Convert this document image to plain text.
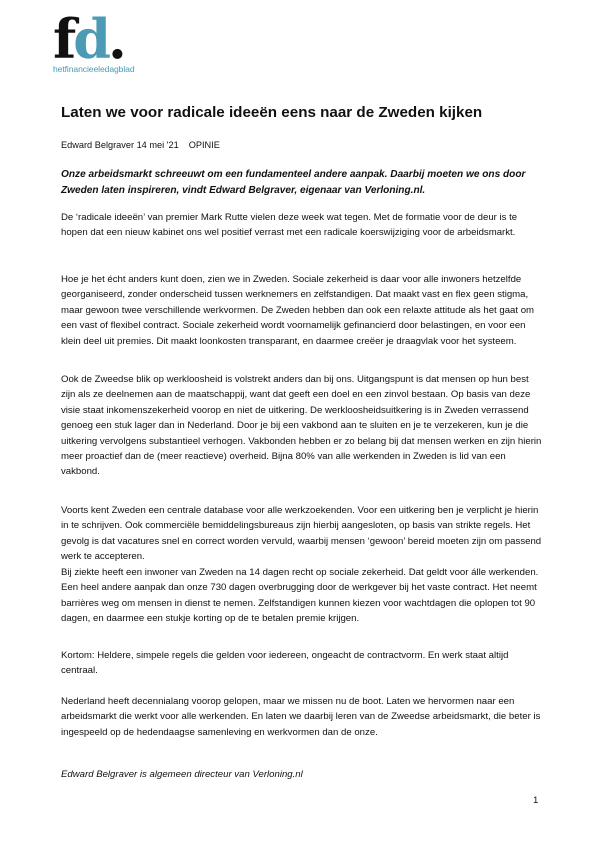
fd.
hetfinancieeledagblad
Laten we voor radicale ideeën eens naar de Zweden kijken
Edward Belgraver 14 mei '21 OPINIE

Onze arbeidsmarkt schreeuwt om een fundamenteel andere aanpak. Daarbij moeten we ons door Zweden laten inspireren, vindt Edward Belgraver, eigenaar van Verloning.nl.

De ‘radicale ideeën’ van premier Mark Rutte vielen deze week wat tegen. Met de formatie voor de deur is te hopen dat een nieuw kabinet ons wel positief verrast met een radicale koerswijziging voor de arbeidsmarkt.

Hoe je het écht anders kunt doen, zien we in Zweden. Sociale zekerheid is daar voor alle inwoners hetzelfde georganiseerd, zonder onderscheid tussen werknemers en zelfstandigen. Dat maakt vast en flex geen stigma, maar gewoon twee verschillende werkvormen. De Zweden hebben dan ook een relaxte attitude als het gaat om een vast of flexibel contract. Sociale zekerheid wordt voornamelijk gefinancierd door belastingen, en voor een klein deel uit premies. Dit maakt loonkosten transparant, en daarmee creëer je draagvlak voor het systeem.

Ook de Zweedse blik op werkloosheid is volstrekt anders dan bij ons. Uitgangspunt is dat mensen op hun best zijn als ze deelnemen aan de maatschappij, want dat geeft een doel en een zinvol bestaan. Op basis van deze visie staat inkomenszekerheid voorop en niet de uitkering. De werkloosheidsuitkering is in Zweden verrassend genoeg een stuk lager dan in Nederland. Door je bij een vakbond aan te sluiten en je te verzekeren, kun je die uitkering vervolgens substantieel verhogen. Vakbonden hebben er zo belang bij dat mensen werken en zijn hierin meer proactief dan de (meer reactieve) overheid. Bijna 80% van alle werkenden in Zweden is lid van een vakbond.

Voorts kent Zweden een centrale database voor alle werkzoekenden. Voor een uitkering ben je verplicht je hierin in te schrijven. Ook commerciële bemiddelingsbureaus zijn hierbij aangesloten, op basis van strikte regels. Het gevolg is dat vacatures snel en correct worden vervuld, waarbij mensen ‘gewoon’ bereid moeten zijn om passend werk te accepteren.

Bij ziekte heeft een inwoner van Zweden na 14 dagen recht op sociale zekerheid. Dat geldt voor álle werkenden. Een heel andere aanpak dan onze 730 dagen overbrugging door de werkgever bij het vaste contract. Het neemt barrières weg om mensen in dienst te nemen. Zelfstandigen kunnen kiezen voor wachtdagen die oplopen tot 90 dagen, en daarmee een stukje korting op de te betalen premie krijgen.

Kortom: Heldere, simpele regels die gelden voor iedereen, ongeacht de contractvorm. En werk staat altijd centraal.

Nederland heeft decennialang voorop gelopen, maar we missen nu de boot. Laten we hervormen naar een arbeidsmarkt die werkt voor alle werkenden. En laten we daarbij leren van de Zweedse arbeidsmarkt, die beter is ingespeeld op de hedendaagse samenleving en werkvormen dan de onze.

Edward Belgraver is algemeen directeur van Verloning.nl

1
